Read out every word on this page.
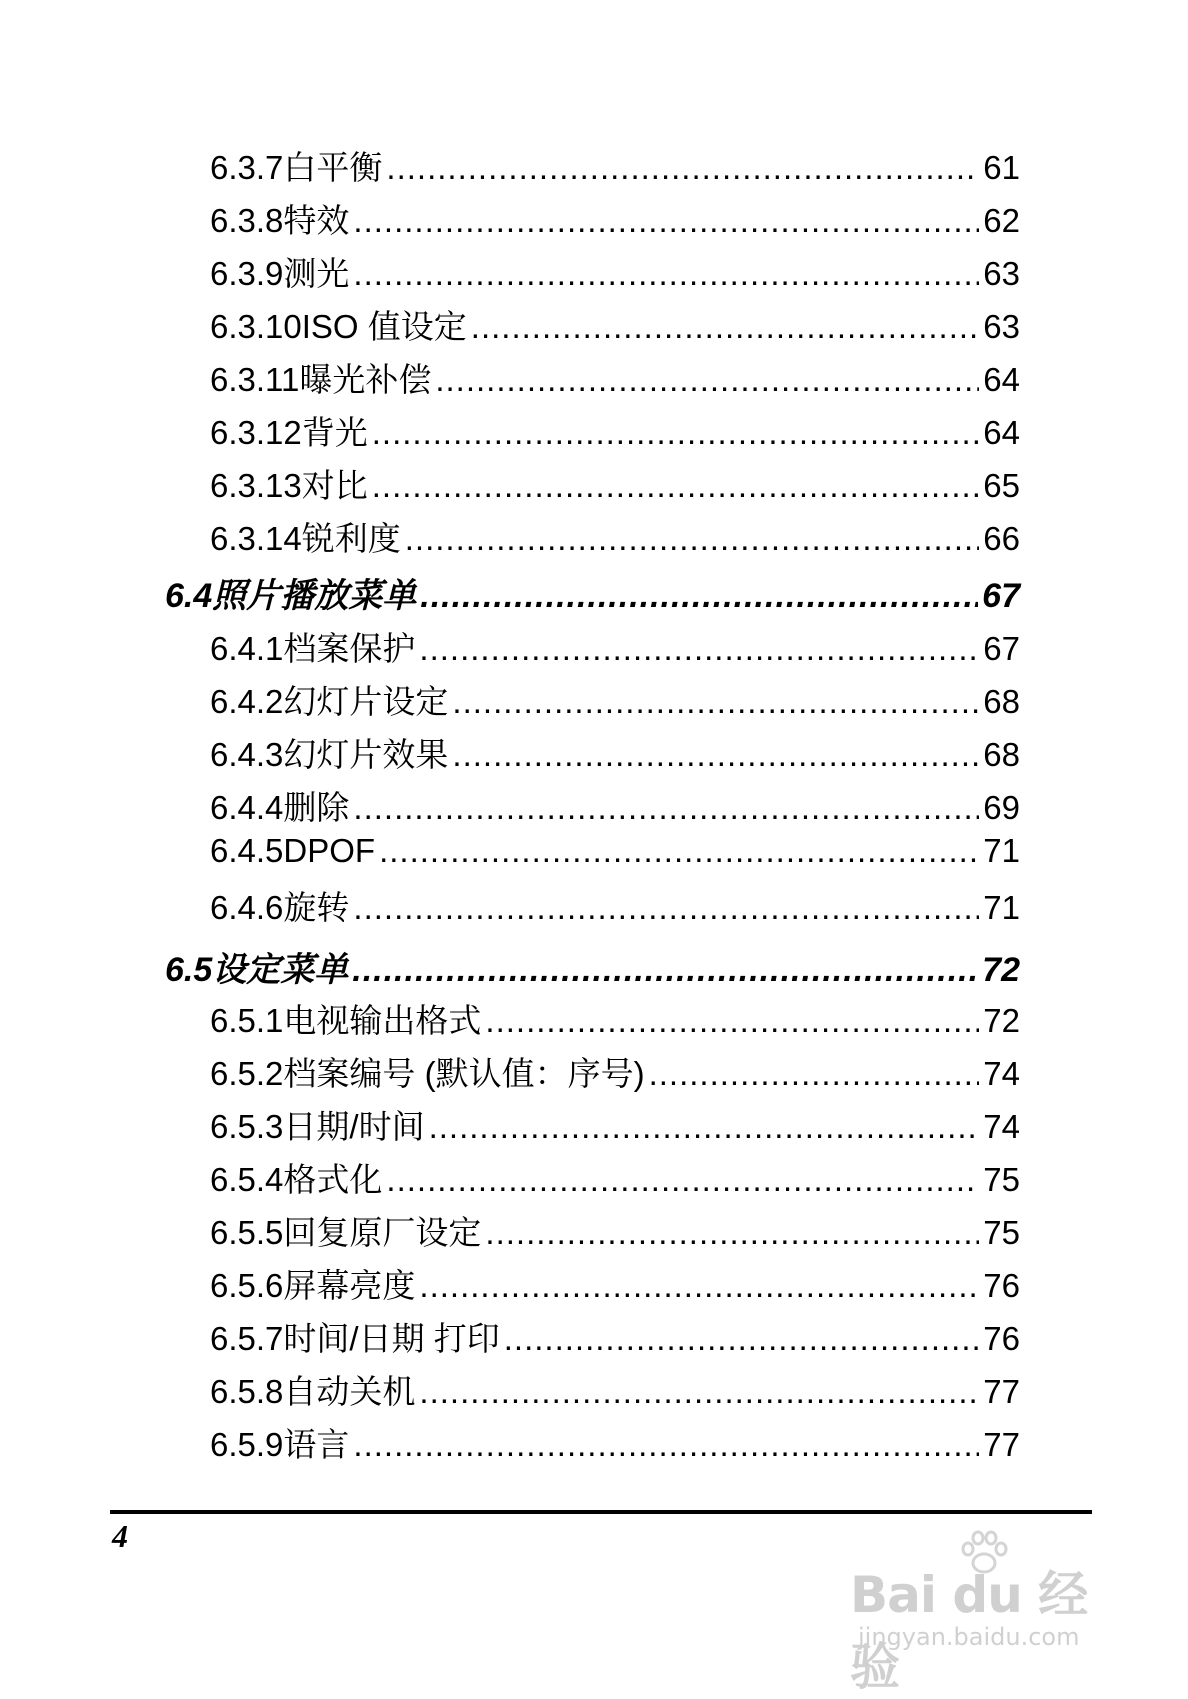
6.3.7 白平衡 .....	61
6.3.8 特效 .....	62
6.3.9 测光 .....	63
6.3.10 ISO 值设定 .....	63
6.3.11 曝光补偿 .....	64
6.3.12 背光 .....	64
6.3.13 对比 .....	65
6.3.14 锐利度 .....	66
6.4 照片播放菜单 .....	67
6.4.1 档案保护 .....	67
6.4.2 幻灯片设定 .....	68
6.4.3 幻灯片效果 .....	68
6.4.4 删除 .....	69
6.4.5 DPOF .....	71
6.4.6 旋转 .....	71
6.5 设定菜单 .....	72
6.5.1 电视输出格式 .....	72
6.5.2 档案编号 (默认值：序号) .....	74
6.5.3 日期/时间 .....	74
6.5.4 格式化 .....	75
6.5.5 回复原厂设定 .....	75
6.5.6 屏幕亮度 .....	76
6.5.7 时间/日期 打印 .....	76
6.5.8 自动关机 .....	77
6.5.9 语言 .....	77
4
Bai du 经验
jingyan.baidu.com
